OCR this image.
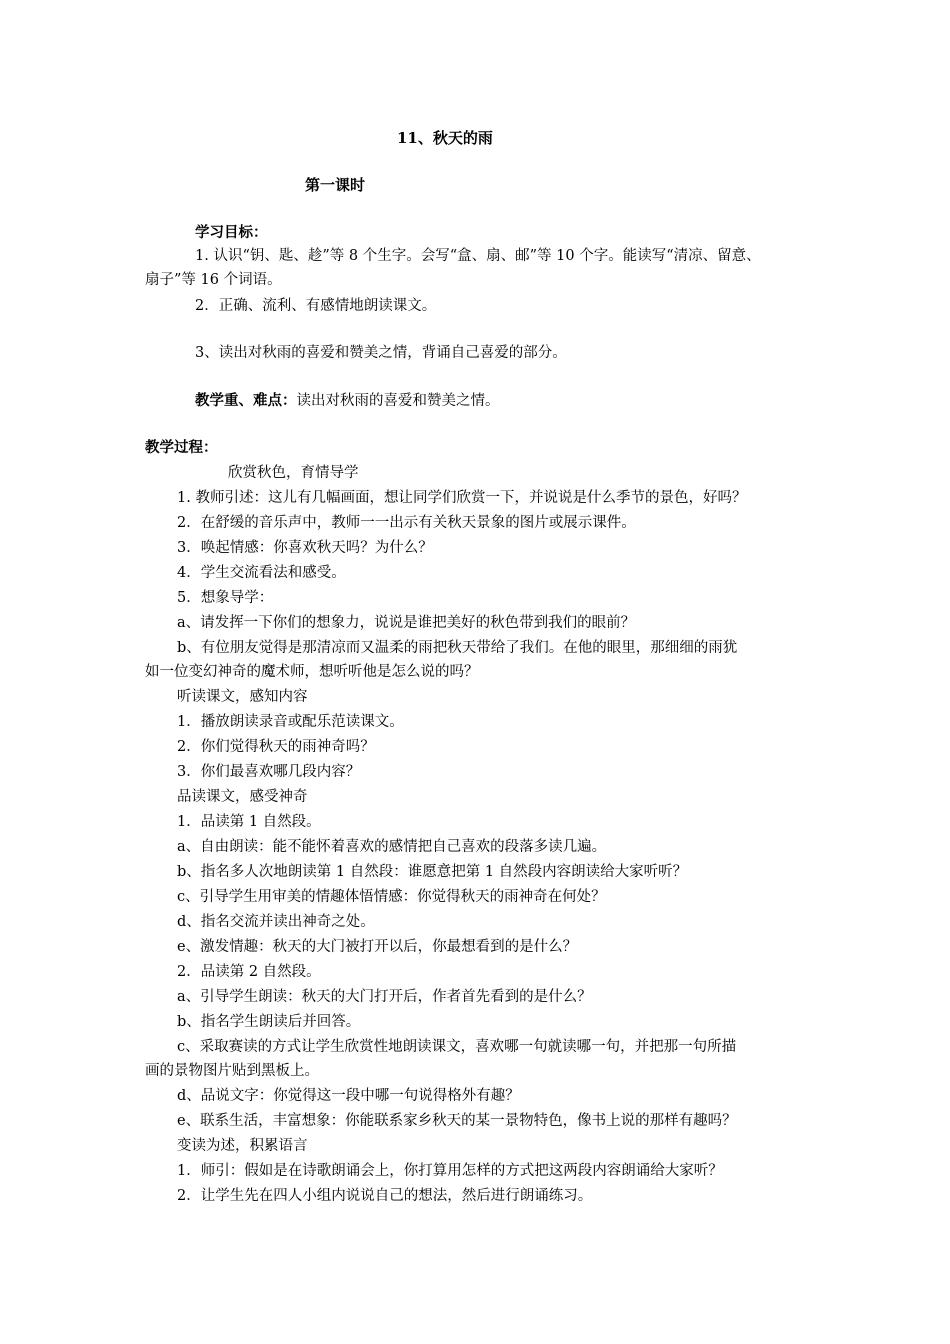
11、秋天的雨
第一课时
学习目标：
1. 认识“钥、匙、趁”等 8 个生字。会写“盒、扇、邮”等 10 个字。能读写“清凉、留意、
扇子”等 16 个词语。
2．正确、流利、有感情地朗读课文。
3、读出对秋雨的喜爱和赞美之情，背诵自己喜爱的部分。
教学重、难点：读出对秋雨的喜爱和赞美之情。
教学过程：
欣赏秋色，育情导学
1. 教师引述：这儿有几幅画面，想让同学们欣赏一下，并说说是什么季节的景色，好吗？
2．在舒缓的音乐声中，教师一一出示有关秋天景象的图片或展示课件。
3．唤起情感：你喜欢秋天吗？为什么？
4．学生交流看法和感受。
5．想象导学：
a、请发挥一下你们的想象力，说说是谁把美好的秋色带到我们的眼前？
b、有位朋友觉得是那清凉而又温柔的雨把秋天带给了我们。在他的眼里，那细细的雨犹
如一位变幻神奇的魔术师，想听听他是怎么说的吗？
听读课文，感知内容
1．播放朗读录音或配乐范读课文。
2．你们觉得秋天的雨神奇吗？
3．你们最喜欢哪几段内容？
品读课文，感受神奇
1．品读第 1 自然段。
a、自由朗读：能不能怀着喜欢的感情把自己喜欢的段落多读几遍。
b、指名多人次地朗读第 1 自然段：谁愿意把第 1 自然段内容朗读给大家听听？
c、引导学生用审美的情趣体悟情感：你觉得秋天的雨神奇在何处？
d、指名交流并读出神奇之处。
e、激发情趣：秋天的大门被打开以后，你最想看到的是什么？
2．品读第 2 自然段。
a、引导学生朗读：秋天的大门打开后，作者首先看到的是什么？
b、指名学生朗读后并回答。
c、采取赛读的方式让学生欣赏性地朗读课文，喜欢哪一句就读哪一句，并把那一句所描
画的景物图片贴到黑板上。
d、品说文字：你觉得这一段中哪一句说得格外有趣？
e、联系生活，丰富想象：你能联系家乡秋天的某一景物特色，像书上说的那样有趣吗？
变读为述，积累语言
1．师引：假如是在诗歌朗诵会上，你打算用怎样的方式把这两段内容朗诵给大家听？
2．让学生先在四人小组内说说自己的想法，然后进行朗诵练习。
